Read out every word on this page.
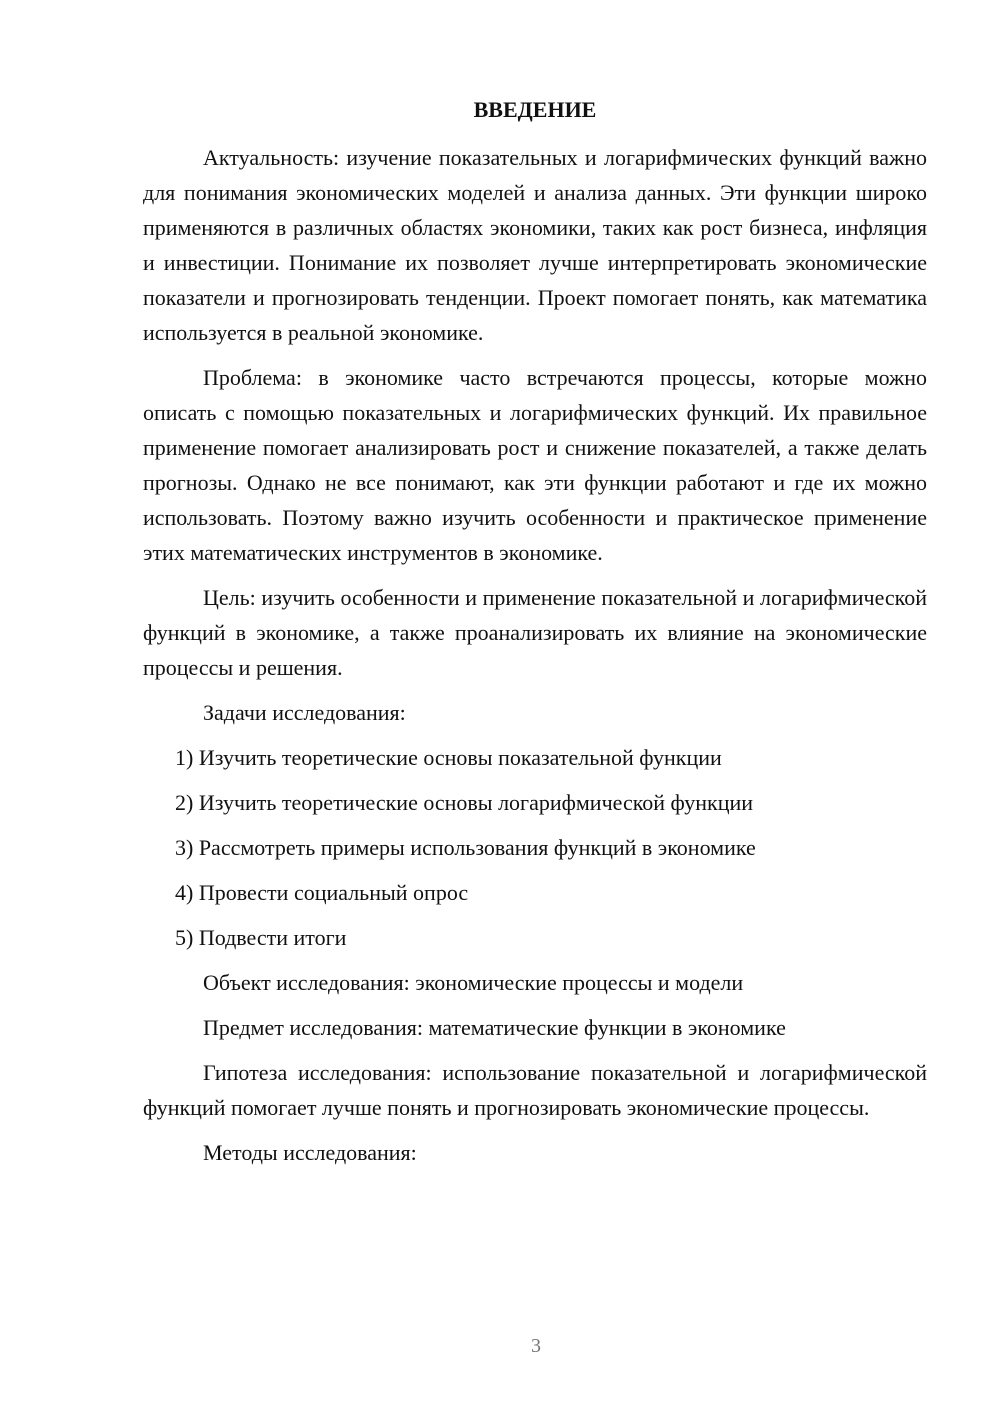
ВВЕДЕНИЕ

Актуальность: изучение показательных и логарифмических функций важно для понимания экономических моделей и анализа данных. Эти функции широко применяются в различных областях экономики, таких как рост бизнеса, инфляция и инвестиции. Понимание их позволяет лучше интерпретировать экономические показатели и прогнозировать тенденции. Проект помогает понять, как математика используется в реальной экономике.

Проблема: в экономике часто встречаются процессы, которые можно описать с помощью показательных и логарифмических функций. Их правильное применение помогает анализировать рост и снижение показателей, а также делать прогнозы. Однако не все понимают, как эти функции работают и где их можно использовать. Поэтому важно изучить особенности и практическое применение этих математических инструментов в экономике.

Цель: изучить особенности и применение показательной и логарифмической функций в экономике, а также проанализировать их влияние на экономические процессы и решения.

Задачи исследования:

1) Изучить теоретические основы показательной функции
2) Изучить теоретические основы логарифмической функции
3) Рассмотреть примеры использования функций в экономике
4) Провести социальный опрос
5) Подвести итоги

Объект исследования: экономические процессы и модели

Предмет исследования: математические функции в экономике

Гипотеза исследования: использование показательной и логарифмической функций помогает лучше понять и прогнозировать экономические процессы.

Методы исследования:

3
